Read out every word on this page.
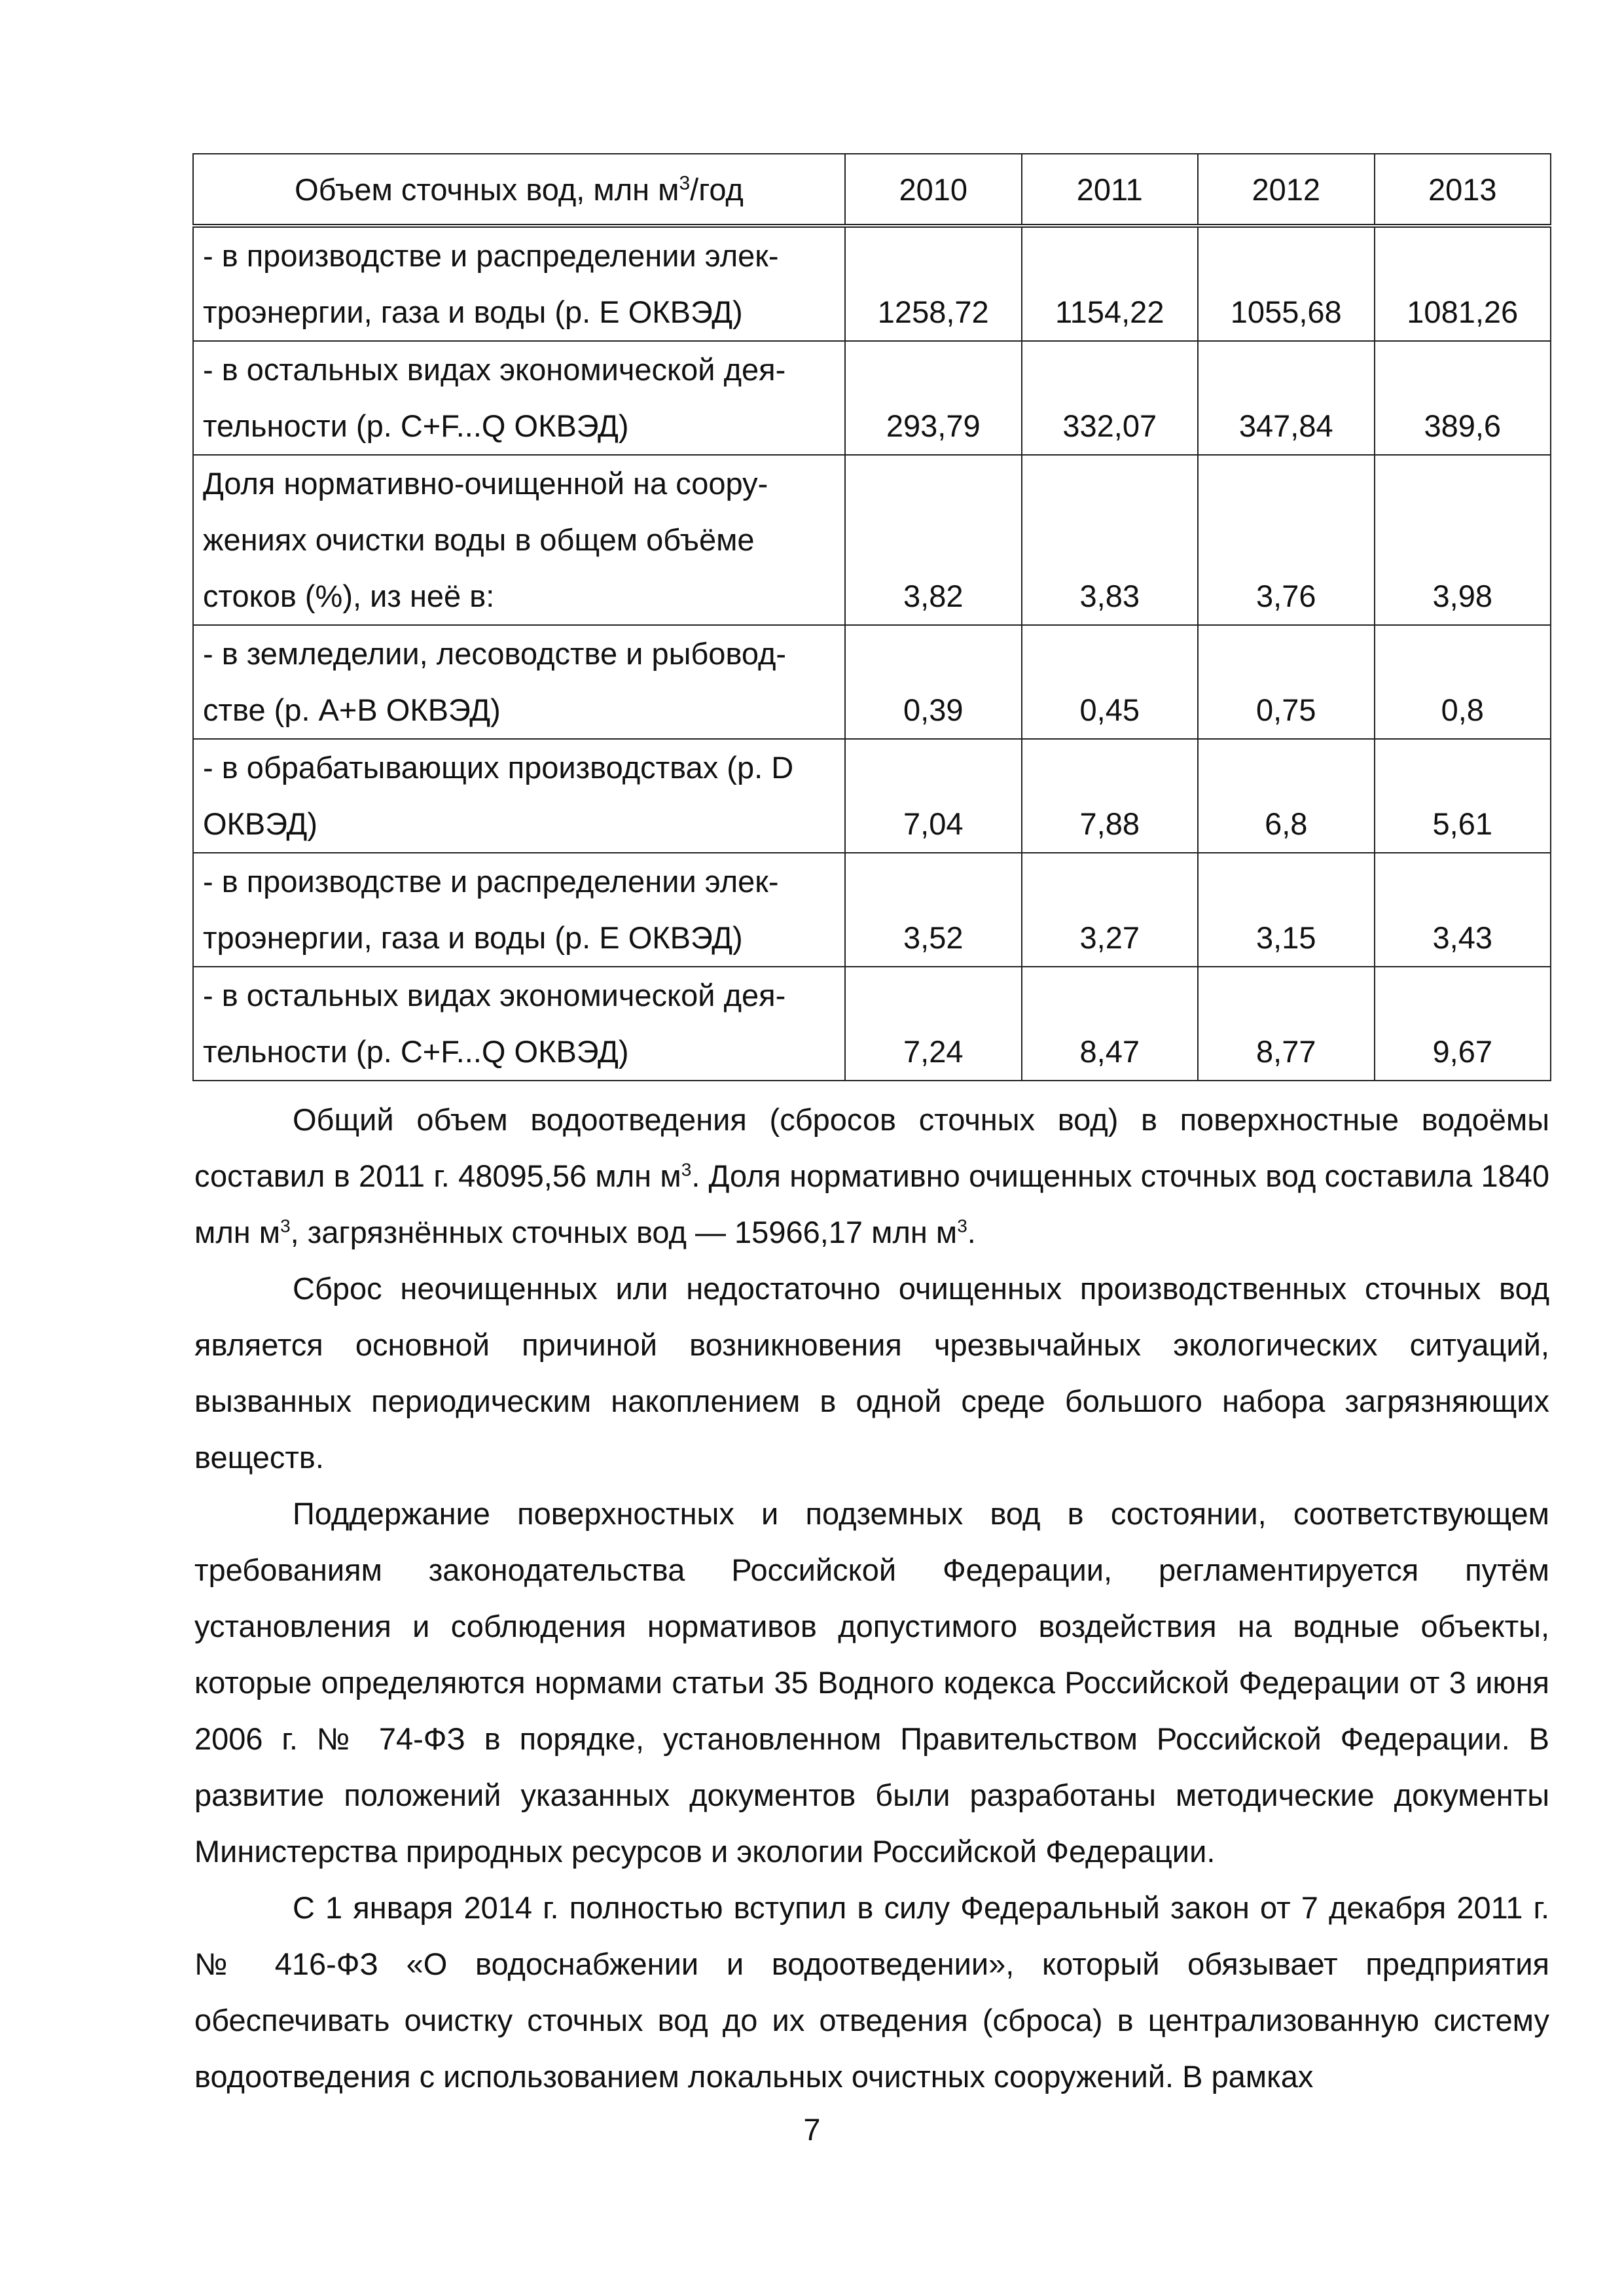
Объем сточных вод, млн $м^3$/год	2010	2011	2012	2013

- в производстве и распределении элек-
троэнергии, газа и воды (р. Е ОКВЭД)	1258,72	1154,22	1055,68	1081,26

- в остальных видах экономической дея-
тельности (р. С+F...Q ОКВЭД)	293,79	332,07	347,84	389,6

Доля нормативно-очищенной на соору-
жениях очистки воды в общем объёме
стоков (%), из неё в:	3,82	3,83	3,76	3,98

- в земледелии, лесоводстве и рыбовод-
стве (р. А+В ОКВЭД)	0,39	0,45	0,75	0,8

- в обрабатывающих производствах (р. D
ОКВЭД)	7,04	7,88	6,8	5,61

- в производстве и распределении элек-
троэнергии, газа и воды (р. Е ОКВЭД)	3,52	3,27	3,15	3,43

- в остальных видах экономической дея-
тельности (р. С+F...Q ОКВЭД)	7,24	8,47	8,77	9,67

Общий объем водоотведения (сбросов сточных вод) в поверхностные водоёмы составил в 2011 г. 48095,56 млн $м^3$. Доля нормативно очищенных сточных вод составила 1840 млн $м^3$, загрязнённых сточных вод — 15966,17 млн $м^3$.

Сброс неочищенных или недостаточно очищенных производственных сточных вод является основной причиной возникновения чрезвычайных экологических ситуаций, вызванных периодическим накоплением в одной среде большого набора загрязняющих веществ.

Поддержание поверхностных и подземных вод в состоянии, соответствующем требованиям законодательства Российской Федерации, регламентируется путём установления и соблюдения нормативов допустимого воздействия на водные объекты, которые определяются нормами статьи 35 Водного кодекса Российской Федерации от 3 июня 2006 г. № 74-ФЗ в порядке, установленном Правительством Российской Федерации. В развитие положений указанных документов были разработаны методические документы Министерства природных ресурсов и экологии Российской Федерации.

С 1 января 2014 г. полностью вступил в силу Федеральный закон от 7 декабря 2011 г. № 416-ФЗ «О водоснабжении и водоотведении», который обязывает предприятия обеспечивать очистку сточных вод до их отведения (сброса) в централизованную систему водоотведения с использованием локальных очистных сооружений. В рамках

7
